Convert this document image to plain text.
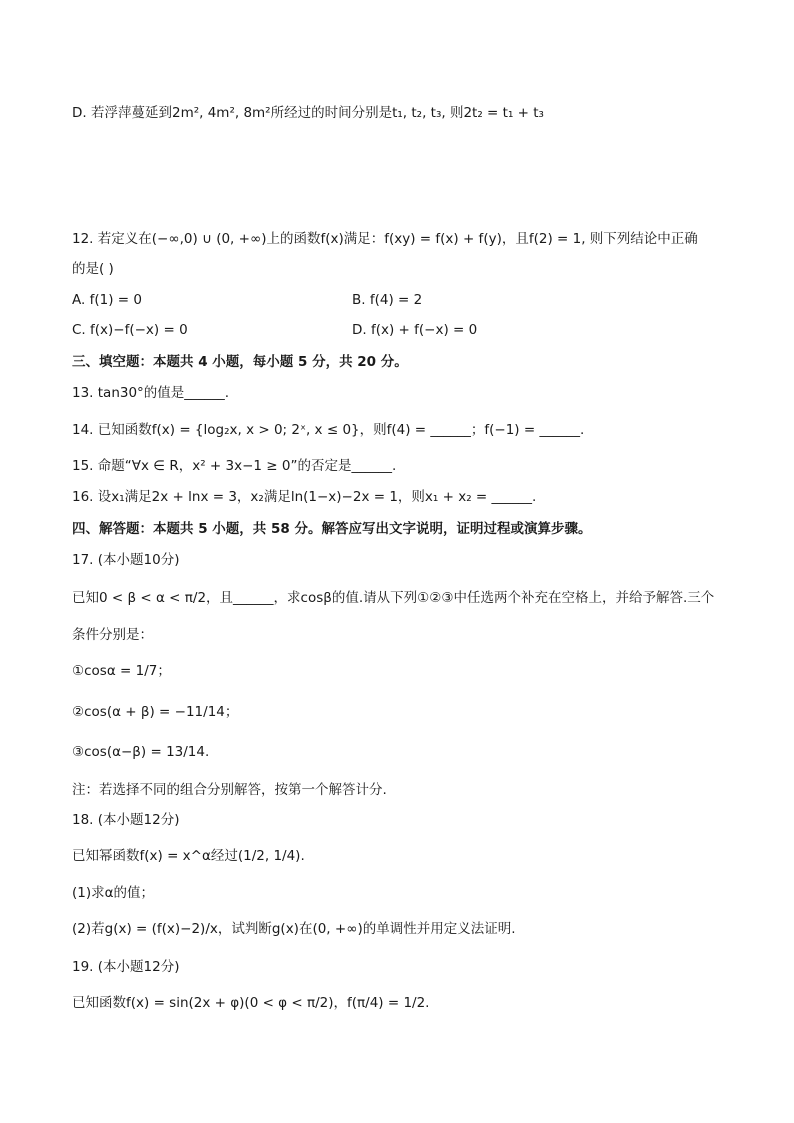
D. 若浮萍蔓延到2m², 4m², 8m²所经过的时间分别是t₁, t₂, t₃, 则2t₂ = t₁ + t₃
12. 若定义在(−∞,0) ∪ (0, +∞)上的函数f(x)满足：f(xy) = f(x) + f(y)，且f(2) = 1, 则下列结论中正确
的是( )
A. f(1) = 0	B. f(4) = 2
C. f(x)−f(−x) = 0	D. f(x) + f(−x) = 0
三、填空题：本题共 4 小题，每小题 5 分，共 20 分。
13. tan30°的值是______.
14. 已知函数f(x) = {log₂x, x > 0; 2ˣ, x ≤ 0}，则f(4) = ______；f(−1) = ______.
15. 命题“∀x ∈ R，x² + 3x−1 ≥ 0”的否定是______.
16. 设x₁满足2x + lnx = 3，x₂满足ln(1−x)−2x = 1，则x₁ + x₂ = ______.
四、解答题：本题共 5 小题，共 58 分。解答应写出文字说明，证明过程或演算步骤。
17. (本小题10分)
已知0 < β < α < π/2，且______，求cosβ的值.请从下列①②③中任选两个补充在空格上，并给予解答.三个
条件分别是：
①cosα = 1/7；
②cos(α + β) = −11/14；
③cos(α−β) = 13/14.
注：若选择不同的组合分别解答，按第一个解答计分.
18. (本小题12分)
已知幂函数f(x) = x^α经过(1/2, 1/4).
(1)求α的值；
(2)若g(x) = (f(x)−2)/x，试判断g(x)在(0, +∞)的单调性并用定义法证明.
19. (本小题12分)
已知函数f(x) = sin(2x + φ)(0 < φ < π/2)，f(π/4) = 1/2.
